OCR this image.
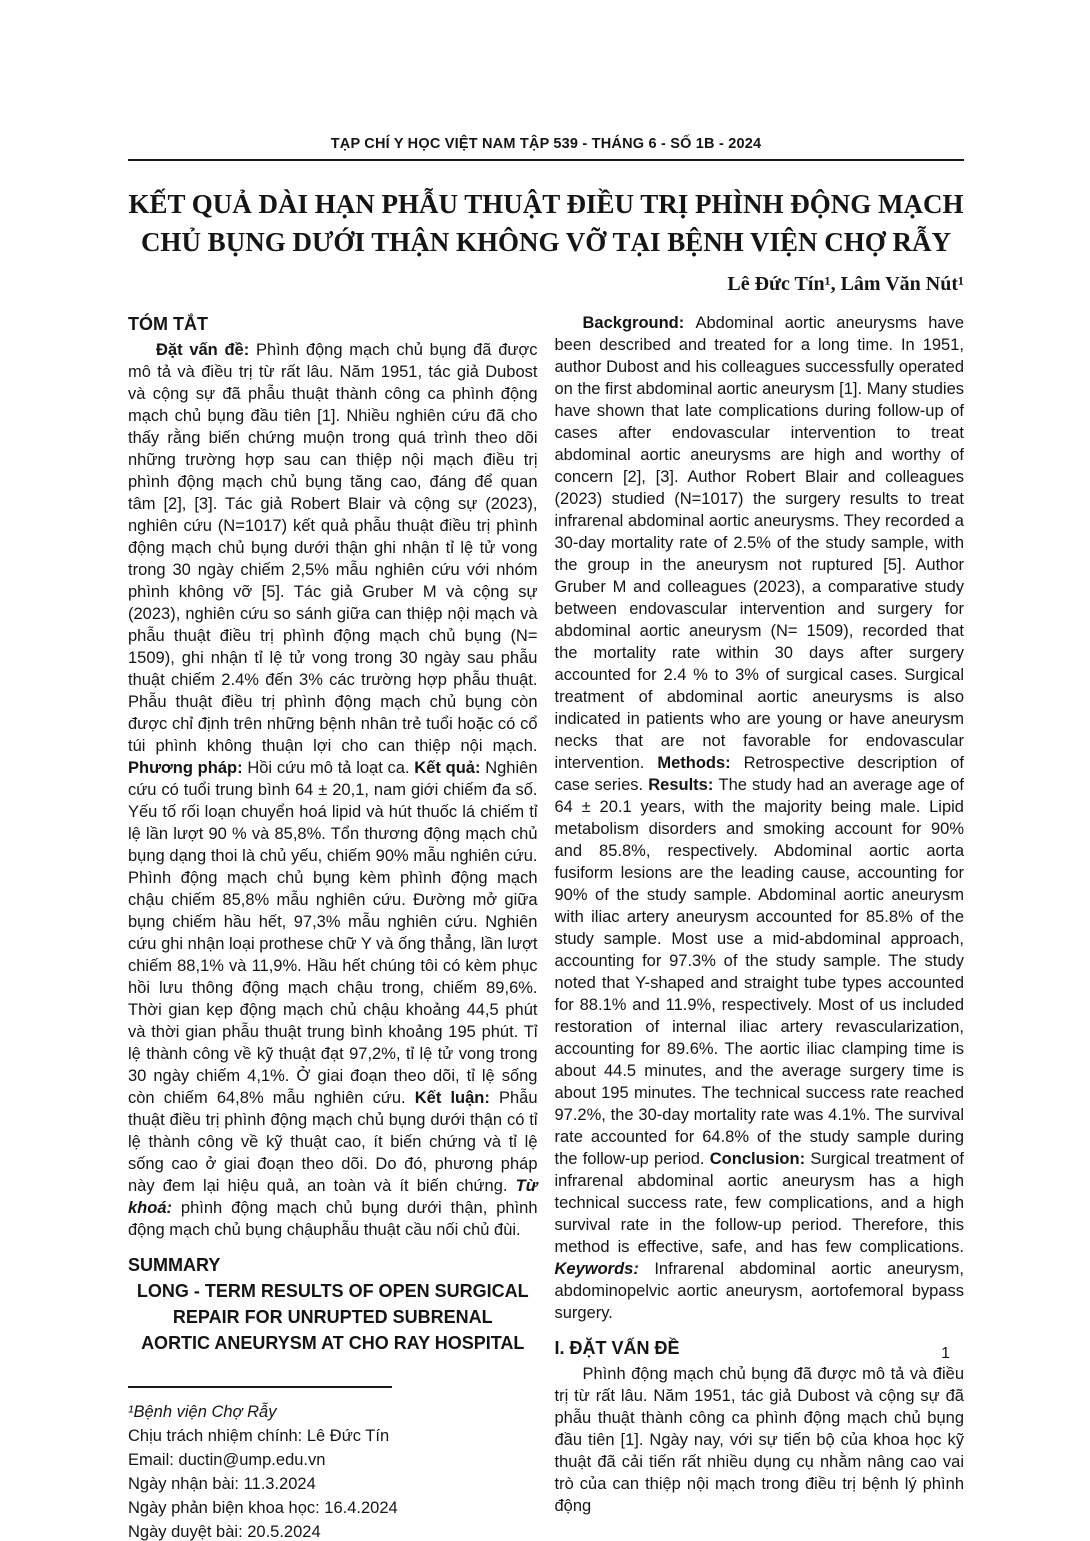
TẠP CHÍ Y HỌC VIỆT NAM TẬP 539 - THÁNG 6 - SỐ 1B - 2024
KẾT QUẢ DÀI HẠN PHẪU THUẬT ĐIỀU TRỊ PHÌNH ĐỘNG MẠCH CHỦ BỤNG DƯỚI THẬN KHÔNG VỠ TẠI BỆNH VIỆN CHỢ RẪY
Lê Đức Tín¹, Lâm Văn Nút¹
TÓM TẮT

Đặt vấn đề: Phình động mạch chủ bụng đã được mô tả và điều trị từ rất lâu. Năm 1951, tác giả Dubost và cộng sự đã phẫu thuật thành công ca phình động mạch chủ bụng đầu tiên [1]. Nhiều nghiên cứu đã cho thấy rằng biến chứng muộn trong quá trình theo dõi những trường hợp sau can thiệp nội mạch điều trị phình động mạch chủ bụng tăng cao, đáng để quan tâm [2], [3]. Tác giả Robert Blair và cộng sự (2023), nghiên cứu (N=1017) kết quả phẫu thuật điều trị phình động mạch chủ bụng dưới thận ghi nhận tỉ lệ tử vong trong 30 ngày chiếm 2,5% mẫu nghiên cứu với nhóm phình không vỡ [5]. Tác giả Gruber M và cộng sự (2023), nghiên cứu so sánh giữa can thiệp nội mạch và phẫu thuật điều trị phình động mạch chủ bụng (N= 1509), ghi nhận tỉ lệ tử vong trong 30 ngày sau phẫu thuật chiếm 2.4% đến 3% các trường hợp phẫu thuật. Phẫu thuật điều trị phình động mạch chủ bụng còn được chỉ định trên những bệnh nhân trẻ tuổi hoặc có cổ túi phình không thuận lợi cho can thiệp nội mạch. Phương pháp: Hồi cứu mô tả loạt ca. Kết quả: Nghiên cứu có tuổi trung bình 64 ± 20,1, nam giới chiếm đa số. Yếu tố rối loạn chuyển hoá lipid và hút thuốc lá chiếm tỉ lệ lần lượt 90 % và 85,8%. Tổn thương động mạch chủ bụng dạng thoi là chủ yếu, chiếm 90% mẫu nghiên cứu. Phình động mạch chủ bụng kèm phình động mạch chậu chiếm 85,8% mẫu nghiên cứu. Đường mở giữa bụng chiếm hầu hết, 97,3% mẫu nghiên cứu. Nghiên cứu ghi nhận loại prothese chữ Y và ống thẳng, lần lượt chiếm 88,1% và 11,9%. Hầu hết chúng tôi có kèm phục hồi lưu thông động mạch chậu trong, chiếm 89,6%. Thời gian kẹp động mạch chủ chậu khoảng 44,5 phút và thời gian phẫu thuật trung bình khoảng 195 phút. Tỉ lệ thành công về kỹ thuật đạt 97,2%, tỉ lệ tử vong trong 30 ngày chiếm 4,1%. Ở giai đoạn theo dõi, tỉ lệ sống còn chiếm 64,8% mẫu nghiên cứu. Kết luận: Phẫu thuật điều trị phình động mạch chủ bụng dưới thận có tỉ lệ thành công về kỹ thuật cao, ít biến chứng và tỉ lệ sống cao ở giai đoạn theo dõi. Do đó, phương pháp này đem lại hiệu quả, an toàn và ít biến chứng. Từ khoá: phình động mạch chủ bụng dưới thận, phình động mạch chủ bụng chậuphẫu thuật cầu nối chủ đùi.

SUMMARY
LONG - TERM RESULTS OF OPEN SURGICAL REPAIR FOR UNRUPTED SUBRENAL AORTIC ANEURYSM AT CHO RAY HOSPITAL
¹Bệnh viện Chợ Rẫy
Chịu trách nhiệm chính: Lê Đức Tín
Email: ductin@ump.edu.vn
Ngày nhận bài: 11.3.2024
Ngày phản biện khoa học: 16.4.2024
Ngày duyệt bài: 20.5.2024

Background: Abdominal aortic aneurysms have been described and treated for a long time. In 1951, author Dubost and his colleagues successfully operated on the first abdominal aortic aneurysm [1]. Many studies have shown that late complications during follow-up of cases after endovascular intervention to treat abdominal aortic aneurysms are high and worthy of concern [2], [3]. Author Robert Blair and colleagues (2023) studied (N=1017) the surgery results to treat infrarenal abdominal aortic aneurysms. They recorded a 30-day mortality rate of 2.5% of the study sample, with the group in the aneurysm not ruptured [5]. Author Gruber M and colleagues (2023), a comparative study between endovascular intervention and surgery for abdominal aortic aneurysm (N= 1509), recorded that the mortality rate within 30 days after surgery accounted for 2.4 % to 3% of surgical cases. Surgical treatment of abdominal aortic aneurysms is also indicated in patients who are young or have aneurysm necks that are not favorable for endovascular intervention. Methods: Retrospective description of case series. Results: The study had an average age of 64 ± 20.1 years, with the majority being male. Lipid metabolism disorders and smoking account for 90% and 85.8%, respectively. Abdominal aortic aorta fusiform lesions are the leading cause, accounting for 90% of the study sample. Abdominal aortic aneurysm with iliac artery aneurysm accounted for 85.8% of the study sample. Most use a mid-abdominal approach, accounting for 97.3% of the study sample. The study noted that Y-shaped and straight tube types accounted for 88.1% and 11.9%, respectively. Most of us included restoration of internal iliac artery revascularization, accounting for 89.6%. The aortic iliac clamping time is about 44.5 minutes, and the average surgery time is about 195 minutes. The technical success rate reached 97.2%, the 30-day mortality rate was 4.1%. The survival rate accounted for 64.8% of the study sample during the follow-up period. Conclusion: Surgical treatment of infrarenal abdominal aortic aneurysm has a high technical success rate, few complications, and a high survival rate in the follow-up period. Therefore, this method is effective, safe, and has few complications. Keywords: Infrarenal abdominal aortic aneurysm, abdominopelvic aortic aneurysm, aortofemoral bypass surgery.

I. ĐẶT VẤN ĐỀ

Phình động mạch chủ bụng đã được mô tả và điều trị từ rất lâu. Năm 1951, tác giả Dubost và cộng sự đã phẫu thuật thành công ca phình động mạch chủ bụng đầu tiên [1]. Ngày nay, với sự tiến bộ của khoa học kỹ thuật đã cải tiến rất nhiều dụng cụ nhằm nâng cao vai trò của can thiệp nội mạch trong điều trị bệnh lý phình động

1
